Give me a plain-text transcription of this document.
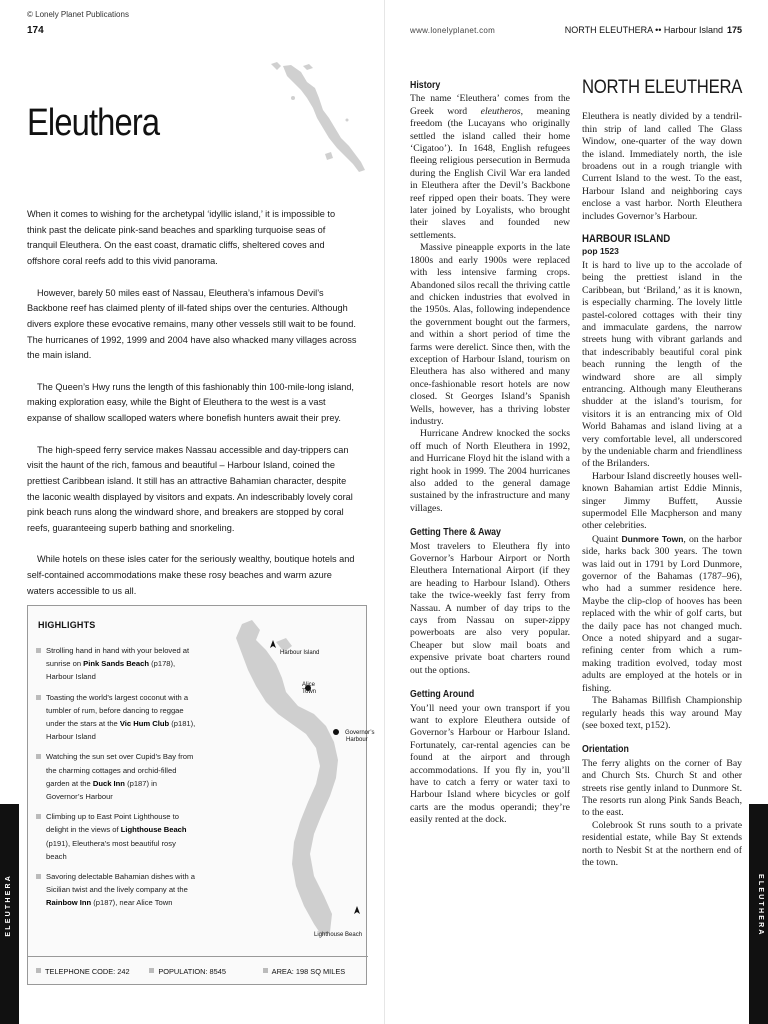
© Lonely Planet Publications
174
Eleuthera

When it comes to wishing for the archetypal ‘idyllic island,’ it is impossible to think past the delicate pink-sand beaches and sparkling turquoise seas of tranquil Eleuthera. On the east coast, dramatic cliffs, sheltered coves and offshore coral reefs add to this vivid panorama.

However, barely 50 miles east of Nassau, Eleuthera’s infamous Devil’s Backbone reef has claimed plenty of ill-fated ships over the centuries. Although divers explore these evocative remains, many other vessels still wait to be found. The hurricanes of 1992, 1999 and 2004 have also whacked many villages across the main island.

The Queen’s Hwy runs the length of this fashionably thin 100-mile-long island, making exploration easy, while the Bight of Eleuthera to the west is a vast expanse of shallow scalloped waters where bonefish hunters await their prey.

The high-speed ferry service makes Nassau accessible and day-trippers can visit the haunt of the rich, famous and beautiful – Harbour Island, coined the prettiest Caribbean island. It still has an attractive Bahamian character, despite the laconic wealth displayed by visitors and expats. An indescribably lovely coral pink beach runs along the windward shore, and breakers are stopped by coral reefs, guaranteeing superb bathing and snorkeling.

While hotels on these isles cater for the seriously wealthy, boutique hotels and self-contained accommodations make these rosy beaches and warm azure waters accessible to us all.

HIGHLIGHTS
Strolling hand in hand with your beloved at sunrise on Pink Sands Beach (p178), Harbour Island
Toasting the world’s largest coconut with a tumbler of rum, before dancing to reggae under the stars at the Vic Hum Club (p181), Harbour Island
Watching the sun set over Cupid’s Bay from the charming cottages and orchid-filled garden at the Duck Inn (p187) in Governor’s Harbour
Climbing up to East Point Lighthouse to delight in the views of Lighthouse Beach (p191), Eleuthera’s most beautiful rosy beach
Savoring delectable Bahamian dishes with a Sicilian twist and the lively company at the Rainbow Inn (p187), near Alice Town
Harbour Island
Alice Town
Governor’s Harbour
Lighthouse Beach
TELEPHONE CODE: 242	POPULATION: 8545	AREA: 198 SQ MILES
ELEUTHERA
www.lonelyplanet.com	NORTH ELEUTHERA •• Harbour Island 175
History

The name ‘Eleuthera’ comes from the Greek word eleutheros, meaning freedom (the Lucayans who originally settled the island called their home ‘Cigatoo’). In 1648, English refugees fleeing religious persecution in Bermuda during the English Civil War era landed in Eleuthera after the Devil’s Backbone reef ripped open their boats. They were later joined by Loyalists, who brought their slaves and founded new settlements.

Massive pineapple exports in the late 1800s and early 1900s were replaced with less intensive farming crops. Abandoned silos recall the thriving cattle and chicken industries that evolved in the 1950s. Alas, following independence the government bought out the farmers, and within a short period of time the farms were derelict. Since then, with the exception of Harbour Island, tourism on Eleuthera has also withered and many once-fashionable resort hotels are now closed. St Georges Island’s Spanish Wells, however, has a thriving lobster industry.

Hurricane Andrew knocked the socks off much of North Eleuthera in 1992, and Hurricane Floyd hit the island with a right hook in 1999. The 2004 hurricanes also added to the general damage sustained by the infrastructure and many villages.

Getting There & Away

Most travelers to Eleuthera fly into Governor’s Harbour Airport or North Eleuthera International Airport (if they are heading to Harbour Island). Others take the twice-weekly fast ferry from Nassau. A number of day trips to the cays from Nassau on super-zippy powerboats are also very popular. Cheaper but slow mail boats and expensive private boat charters round out the options.

Getting Around

You’ll need your own transport if you want to explore Eleuthera outside of Governor’s Harbour or Harbour Island. Fortunately, car-rental agencies can be found at the airport and through accommodations. If you fly in, you’ll have to catch a ferry or water taxi to Harbour Island where bicycles or golf carts are the modus operandi; they’re easily rented at the dock.

NORTH ELEUTHERA

Eleuthera is neatly divided by a tendril-thin strip of land called The Glass Window, one-quarter of the way down the island. Immediately north, the isle broadens out in a rough triangle with Current Island to the west. To the east, Harbour Island and neighboring cays enclose a vast harbor. North Eleuthera includes Governor’s Harbour.

HARBOUR ISLAND
pop 1523

It is hard to live up to the accolade of being the prettiest island in the Caribbean, but ‘Briland,’ as it is known, is especially charming. The lovely little pastel-colored cottages with their tiny and immaculate gardens, the narrow streets hung with vibrant garlands and that indescribably beautiful coral pink beach running the length of the windward shore are all simply entrancing. Although many Eleutherans shudder at the island’s tourism, for visitors it is an entrancing mix of Old World Bahamas and island living at a very comfortable level, all underscored by the undeniable charm and friendliness of the Brilanders.

Harbour Island discreetly houses well-known Bahamian artist Eddie Minnis, singer Jimmy Buffett, Aussie supermodel Elle Macpherson and many other celebrities.

Quaint Dunmore Town, on the harbor side, harks back 300 years. The town was laid out in 1791 by Lord Dunmore, governor of the Bahamas (1787–96), who had a summer residence here. Maybe the clip-clop of hooves has been replaced with the whir of golf carts, but the daily pace has not changed much. Once a noted shipyard and a sugar-refining center from which a rum-making tradition evolved, today most adults are employed at the hotels or in fishing.

The Bahamas Billfish Championship regularly heads this way around May (see boxed text, p152).

Orientation

The ferry alights on the corner of Bay and Church Sts. Church St and other streets rise gently inland to Dunmore St. The resorts run along Pink Sands Beach, to the east.

Colebrook St runs south to a private residential estate, while Bay St extends north to Nesbit St at the northern end of the town.

ELEUTHERA
